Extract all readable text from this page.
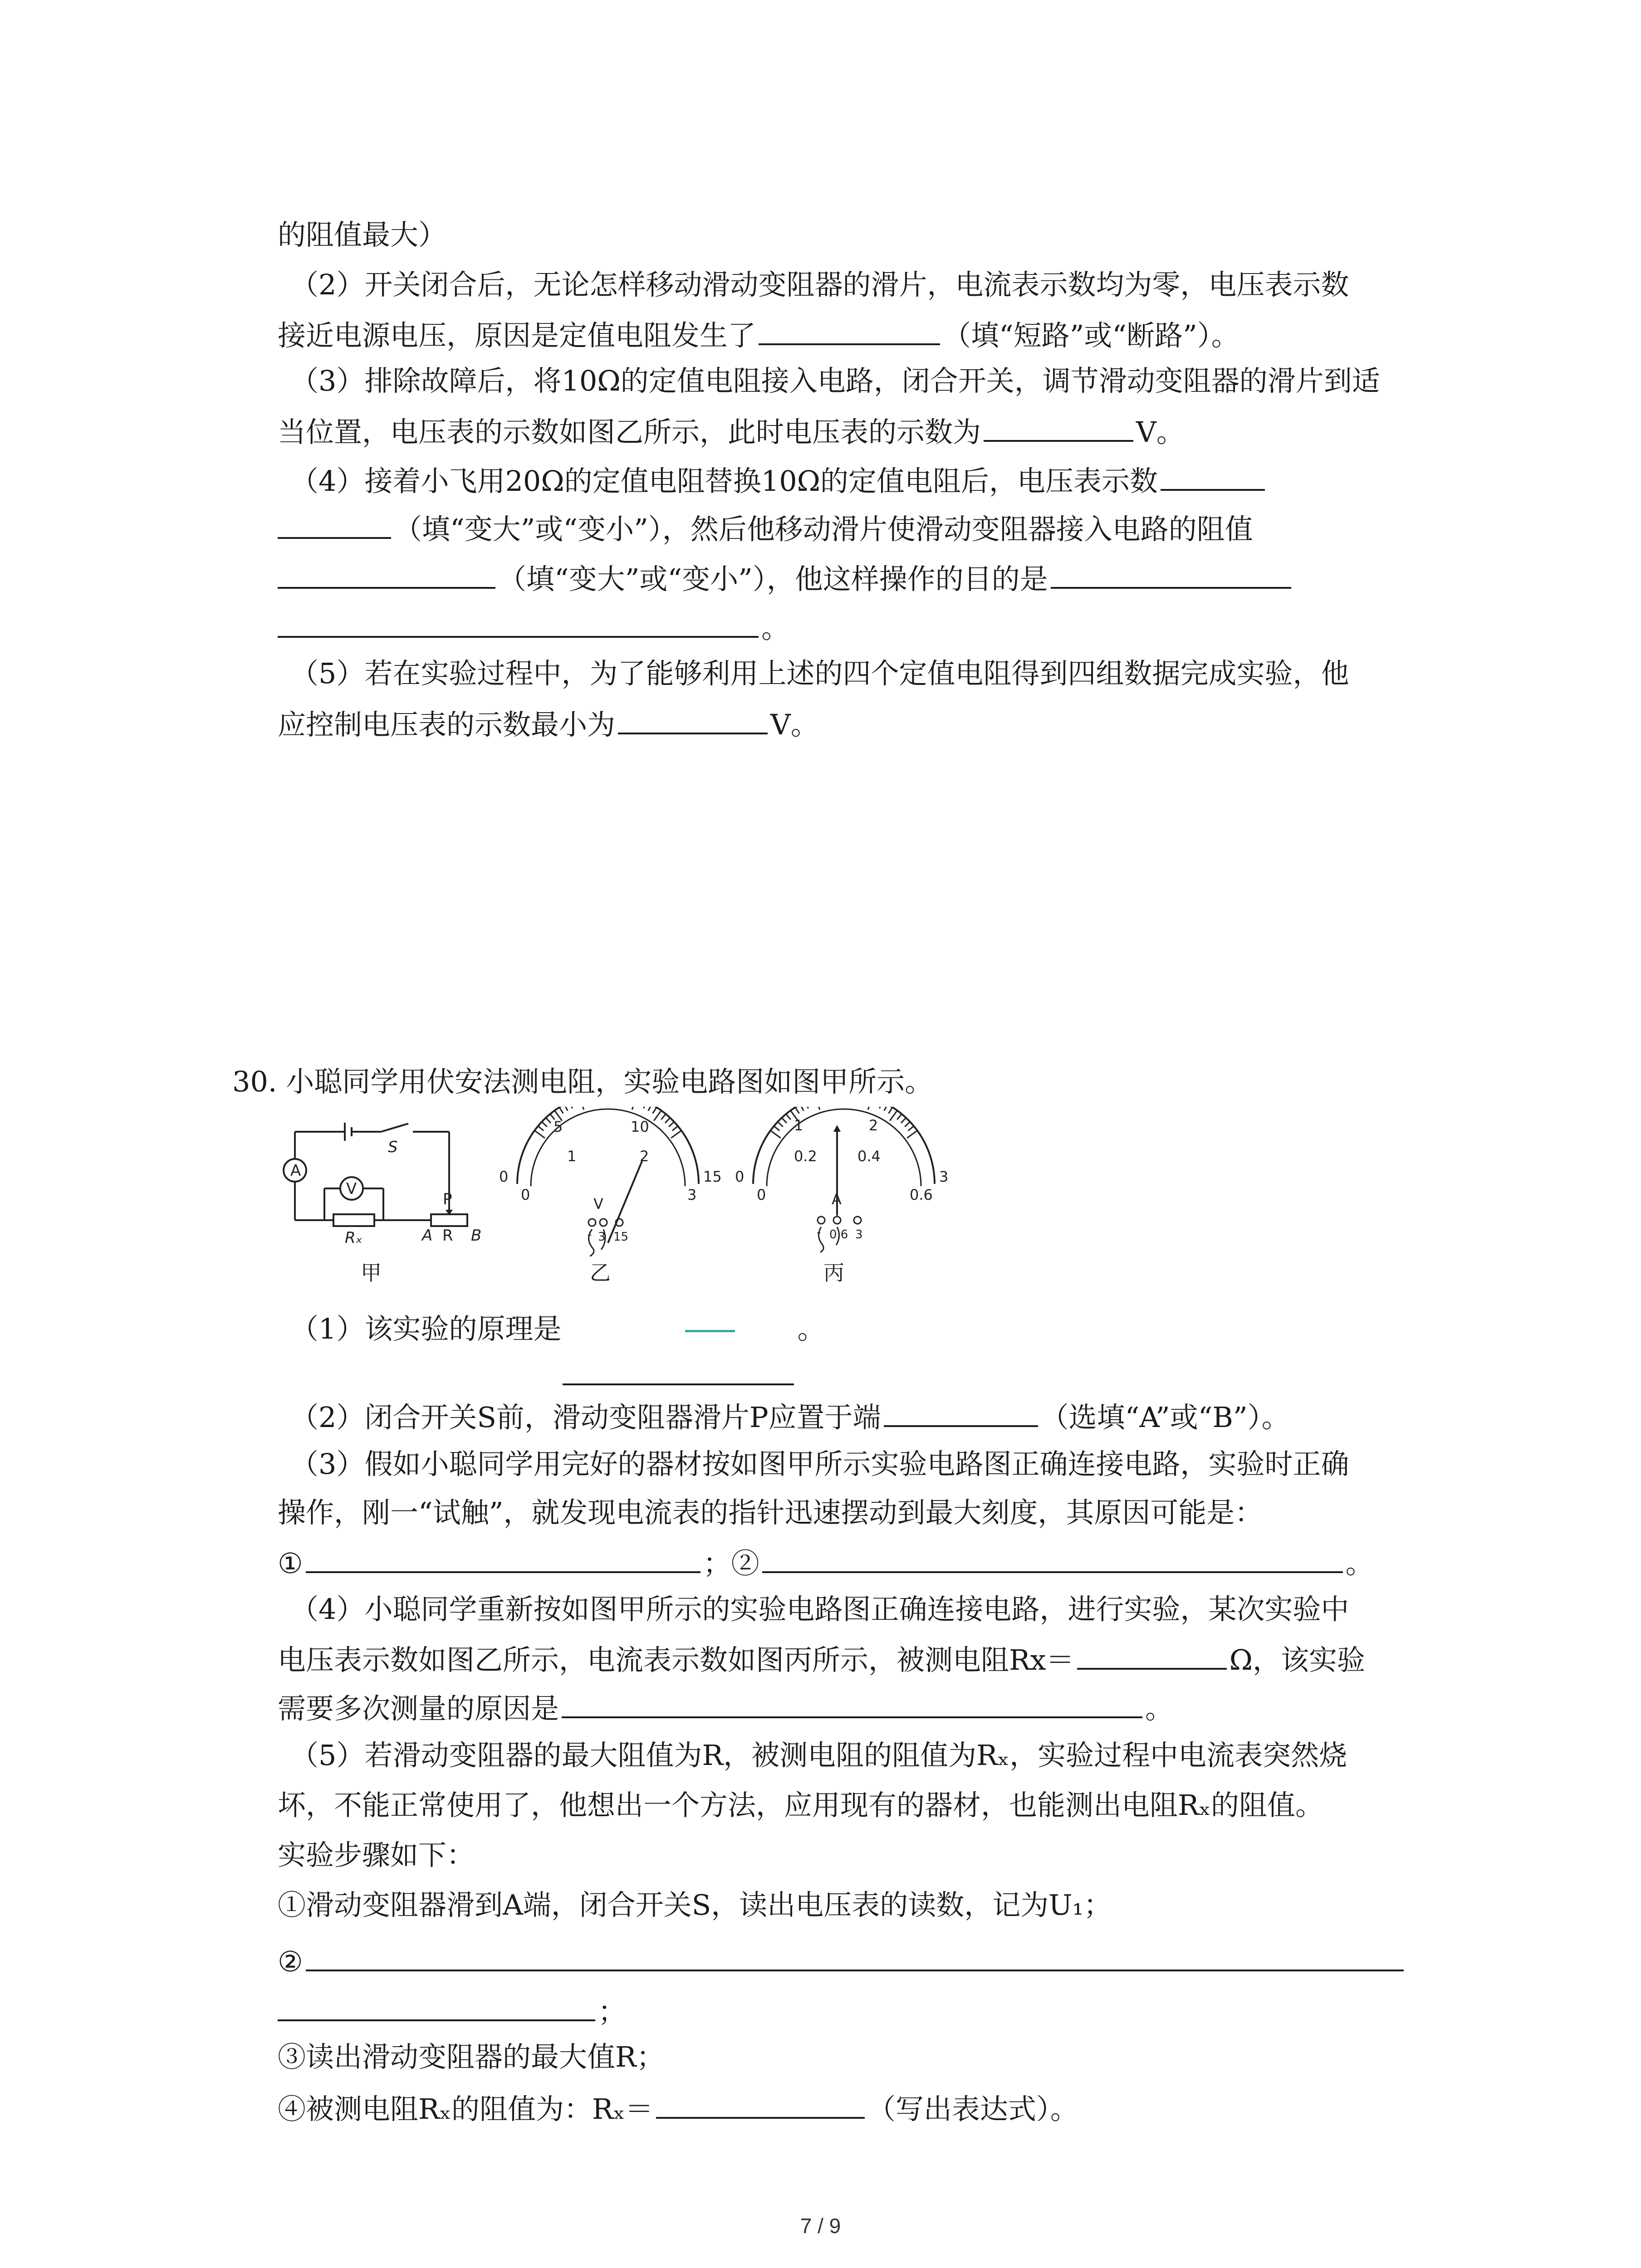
的阻值最大）
（2）开关闭合后，无论怎样移动滑动变阻器的滑片，电流表示数均为零，电压表示数
接近电源电压，原因是定值电阻发生了	（填“短路”或“断路”）。
（3）排除故障后，将10Ω的定值电阻接入电路，闭合开关，调节滑动变阻器的滑片到适
当位置，电压表的示数如图乙所示，此时电压表的示数为	V。
（4）接着小飞用20Ω的定值电阻替换10Ω的定值电阻后，电压表示数
（填“变大”或“变小”），然后他移动滑片使滑动变阻器接入电路的阻值
（填“变大”或“变小”），他这样操作的目的是
。
（5）若在实验过程中，为了能够利用上述的四个定值电阻得到四组数据完成实验，他
应控制电压表的示数最小为	V。
30. 小聪同学用伏安法测电阻，实验电路图如图甲所示。
S
A
V
P
Rₓ	A R B
甲
0
5	10
15
0
1	2
3
V
- 3 15
乙
0
1	2
3
0
0.2	0.4
0.6
A
- 0.6 3
丙
（1）该实验的原理是	。
（2）闭合开关S前，滑动变阻器滑片P应置于端	（选填“A”或“B”）。
（3）假如小聪同学用完好的器材按如图甲所示实验电路图正确连接电路，实验时正确
操作，刚一“试触”，就发现电流表的指针迅速摆动到最大刻度，其原因可能是：
①	；②	。
（4）小聪同学重新按如图甲所示的实验电路图正确连接电路，进行实验，某次实验中
电压表示数如图乙所示，电流表示数如图丙所示，被测电阻Rx＝	Ω，该实验
需要多次测量的原因是	。
（5）若滑动变阻器的最大阻值为R，被测电阻的阻值为Rₓ，实验过程中电流表突然烧
坏，不能正常使用了，他想出一个方法，应用现有的器材，也能测出电阻Rₓ的阻值。
实验步骤如下：
①滑动变阻器滑到A端，闭合开关S，读出电压表的读数，记为U₁；
②
；
③读出滑动变阻器的最大值R；
④被测电阻Rₓ的阻值为：Rₓ＝	（写出表达式）。
7 / 9
